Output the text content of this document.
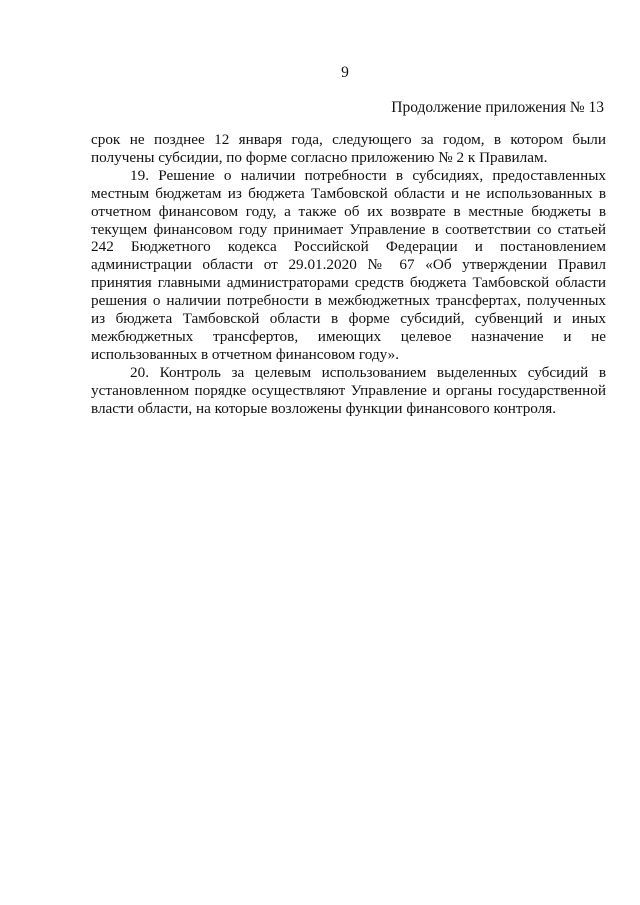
9
Продолжение приложения № 13

срок не позднее 12 января года, следующего за годом, в котором были получены субсидии, по форме согласно приложению № 2 к Правилам.

19. Решение о наличии потребности в субсидиях, предоставленных местным бюджетам из бюджета Тамбовской области и не использованных в отчетном финансовом году, а также об их возврате в местные бюджеты в текущем финансовом году принимает Управление в соответствии со статьей 242 Бюджетного кодекса Российской Федерации и постановлением администрации области от 29.01.2020 № 67 «Об утверждении Правил принятия главными администраторами средств бюджета Тамбовской области решения о наличии потребности в межбюджетных трансфертах, полученных из бюджета Тамбовской области в форме субсидий, субвенций и иных межбюджетных трансфертов, имеющих целевое назначение и не использованных в отчетном финансовом году».

20. Контроль за целевым использованием выделенных субсидий в установленном порядке осуществляют Управление и органы государственной власти области, на которые возложены функции финансового контроля.
